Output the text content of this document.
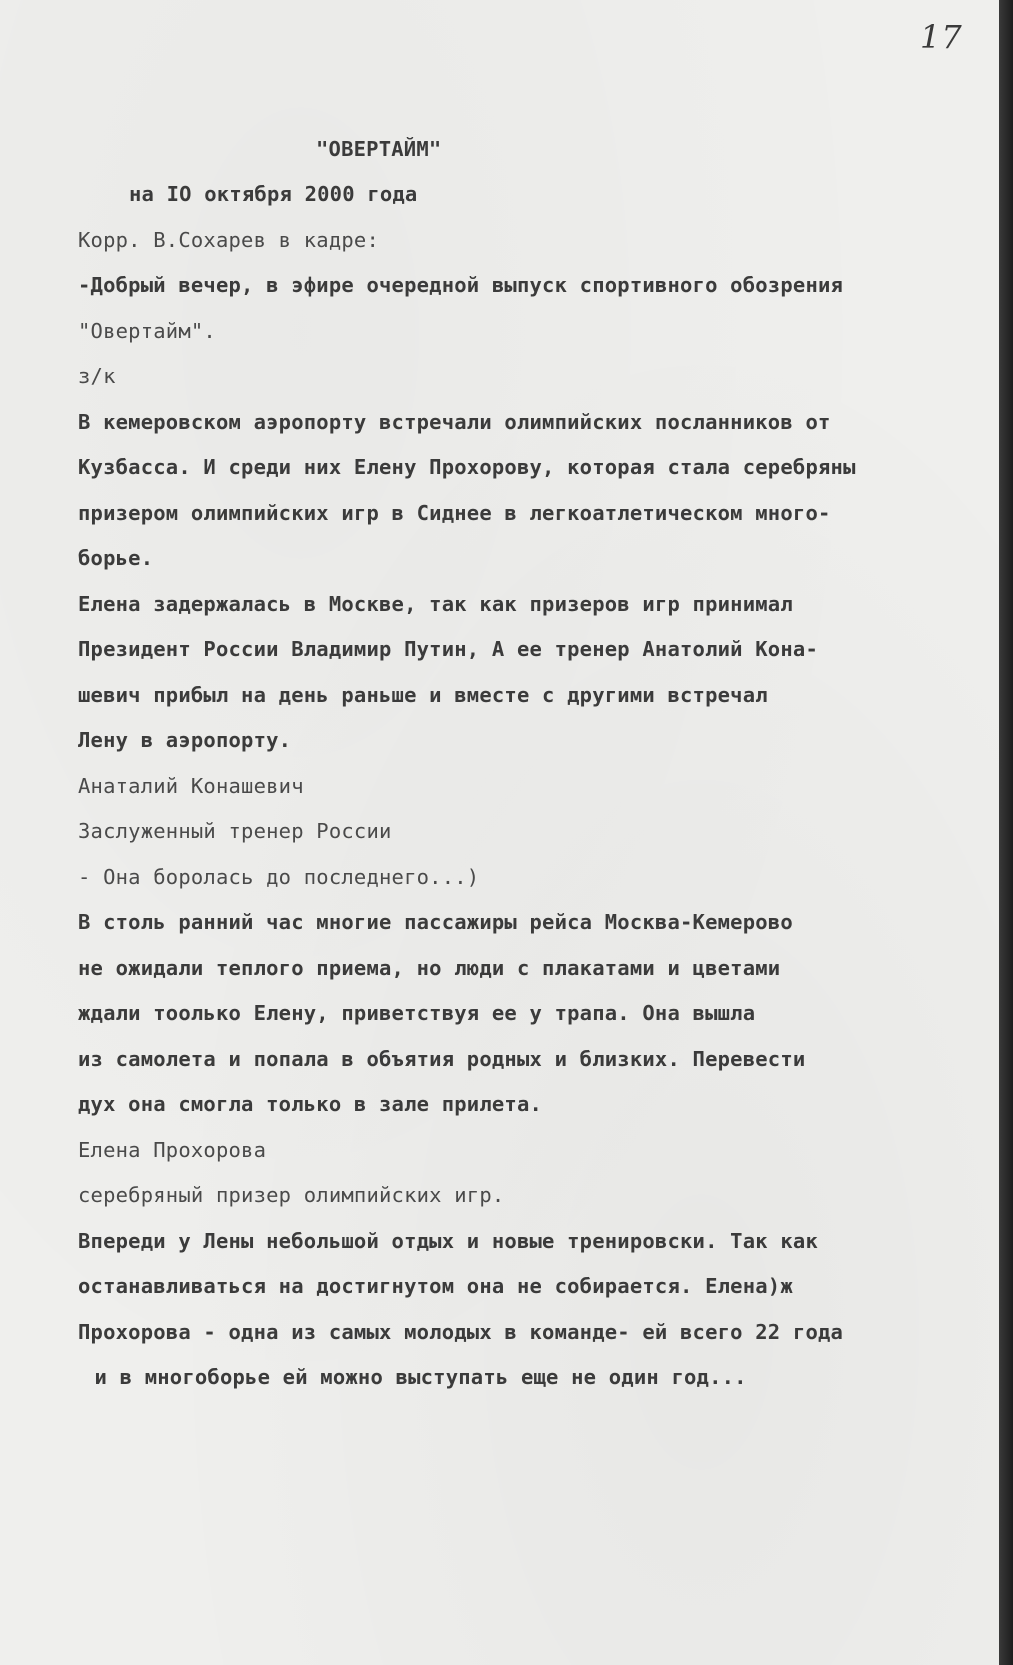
17
"ОВЕРТАЙМ"
на IO октября 2000 года
Корр. В.Сохарев в кадре:
-Добрый вечер, в эфире очередной выпуск спортивного обозрения
"Овертайм".
з/к
В кемеровском аэропорту встречали олимпийских посланников от
Кузбасса. И среди них Елену Прохорову, которая стала серебряны
призером олимпийских игр в Сиднее в легкоатлетическом много-
борье.
Елена задержалась в Москве, так как призеров игр принимал
Президент России Владимир Путин, А ее тренер Анатолий Кона-
шевич прибыл на день раньше и вместе с другими встречал
Лену в аэропорту.
Анаталий Конашевич
Заслуженный тренер России
- Она боролась до последнего...)
В столь ранний час многие пассажиры рейса Москва-Кемерово
не ожидали теплого приема, но люди с плакатами и цветами
ждали тоолько Елену, приветствуя ее у трапа. Она вышла
из самолета и попала в объятия родных и близких. Перевести
дух она смогла только в зале прилета.
Елена Прохорова
серебряный призер олимпийских игр.
Впереди у Лены небольшой отдых и новые тренировски. Так как
останавливаться на достигнутом она не собирается. Елена)ж
Прохорова - одна из самых молодых в команде- ей всего 22 года
и в многоборье ей можно выступать еще не один год...
